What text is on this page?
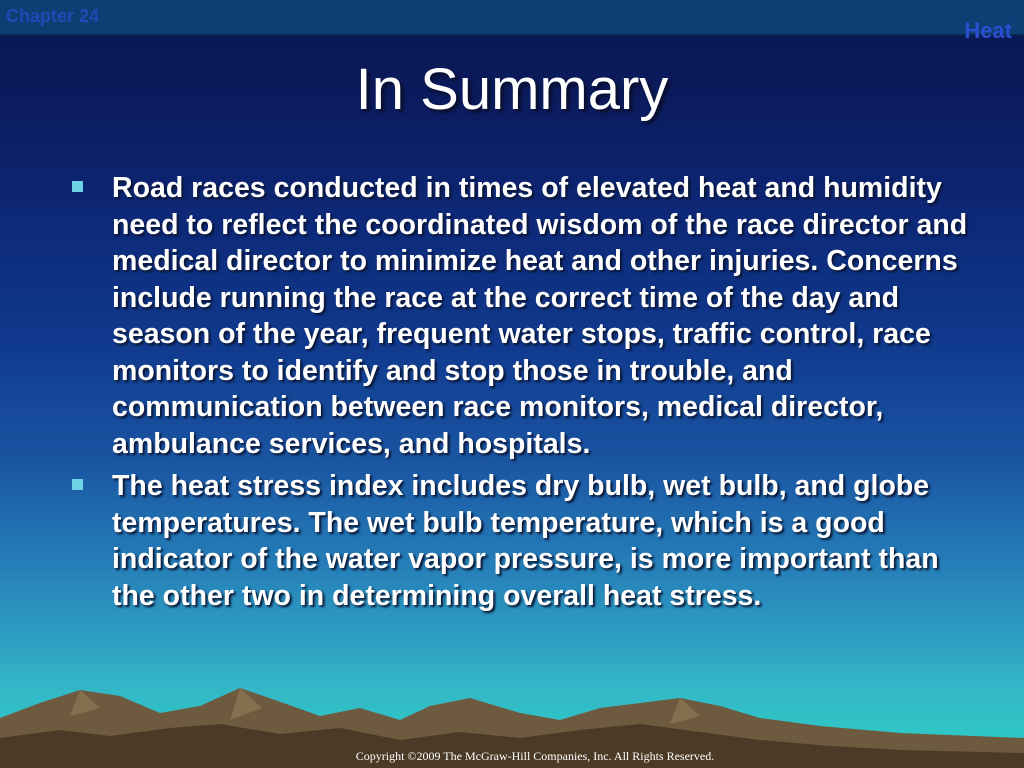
Chapter 24
Heat
In Summary
Road races conducted in times of elevated heat and humidity need to reflect the coordinated wisdom of the race director and medical director to minimize heat and other injuries. Concerns include running the race at the correct time of the day and season of the year, frequent water stops, traffic control, race monitors to identify and stop those in trouble, and communication between race monitors, medical director, ambulance services, and hospitals.
The heat stress index includes dry bulb, wet bulb, and globe temperatures. The wet bulb temperature, which is a good indicator of the water vapor pressure, is more important than the other two in determining overall heat stress.
Copyright ©2009 The McGraw-Hill Companies, Inc. All Rights Reserved.
